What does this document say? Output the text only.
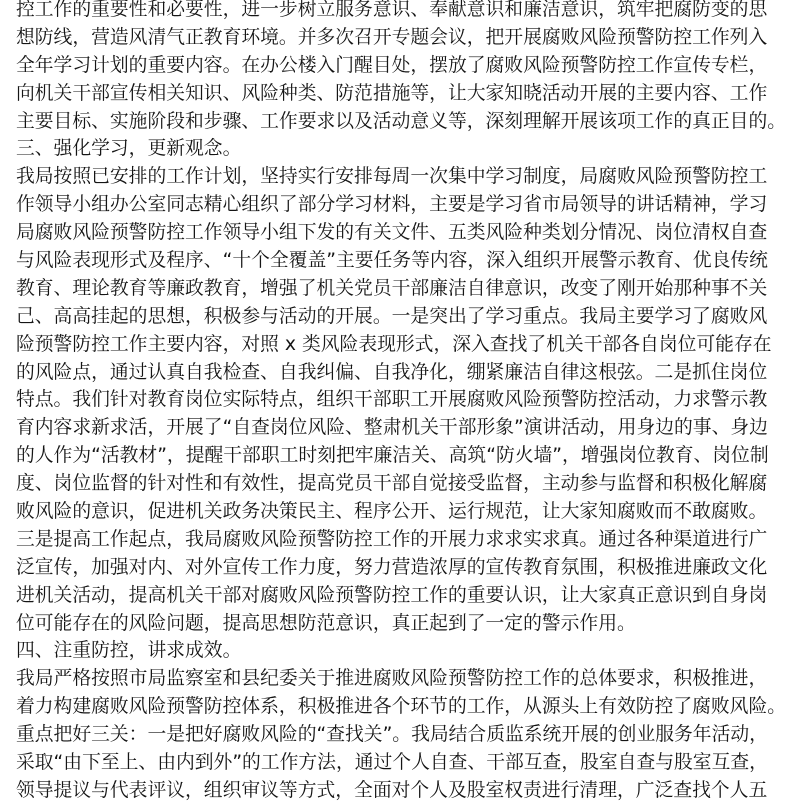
控工作的重要性和必要性，进一步树立服务意识、奉献意识和廉洁意识，筑牢把腐防变的思
想防线，营造风清气正教育环境。并多次召开专题会议，把开展腐败风险预警防控工作列入
全年学习计划的重要内容。在办公楼入门醒目处，摆放了腐败风险预警防控工作宣传专栏，
向机关干部宣传相关知识、风险种类、防范措施等，让大家知晓活动开展的主要内容、工作
主要目标、实施阶段和步骤、工作要求以及活动意义等，深刻理解开展该项工作的真正目的。
三、强化学习，更新观念。
我局按照已安排的工作计划，坚持实行安排每周一次集中学习制度，局腐败风险预警防控工
作领导小组办公室同志精心组织了部分学习材料，主要是学习省市局领导的讲话精神，学习
局腐败风险预警防控工作领导小组下发的有关文件、五类风险种类划分情况、岗位清权自查
与风险表现形式及程序、“十个全覆盖”主要任务等内容，深入组织开展警示教育、优良传统
教育、理论教育等廉政教育，增强了机关党员干部廉洁自律意识，改变了刚开始那种事不关
己、高高挂起的思想，积极参与活动的开展。一是突出了学习重点。我局主要学习了腐败风
险预警防控工作主要内容，对照 x 类风险表现形式，深入查找了机关干部各自岗位可能存在
的风险点，通过认真自我检查、自我纠偏、自我净化，绷紧廉洁自律这根弦。二是抓住岗位
特点。我们针对教育岗位实际特点，组织干部职工开展腐败风险预警防控活动，力求警示教
育内容求新求活，开展了“自查岗位风险、整肃机关干部形象”演讲活动，用身边的事、身边
的人作为“活教材”，提醒干部职工时刻把牢廉洁关、高筑“防火墙”，增强岗位教育、岗位制
度、岗位监督的针对性和有效性，提高党员干部自觉接受监督，主动参与监督和积极化解腐
败风险的意识，促进机关政务决策民主、程序公开、运行规范，让大家知腐败而不敢腐败。
三是提高工作起点，我局腐败风险预警防控工作的开展力求求实求真。通过各种渠道进行广
泛宣传，加强对内、对外宣传工作力度，努力营造浓厚的宣传教育氛围，积极推进廉政文化
进机关活动，提高机关干部对腐败风险预警防控工作的重要认识，让大家真正意识到自身岗
位可能存在的风险问题，提高思想防范意识，真正起到了一定的警示作用。
四、注重防控，讲求成效。
我局严格按照市局监察室和县纪委关于推进腐败风险预警防控工作的总体要求，积极推进，
着力构建腐败风险预警防控体系，积极推进各个环节的工作，从源头上有效防控了腐败风险。
重点把好三关：一是把好腐败风险的“查找关”。我局结合质监系统开展的创业服务年活动，
采取“由下至上、由内到外”的工作方法，通过个人自查、干部互查，股室自查与股室互查，
领导提议与代表评议，组织审议等方式，全面对个人及股室权责进行清理，广泛查找个人五
